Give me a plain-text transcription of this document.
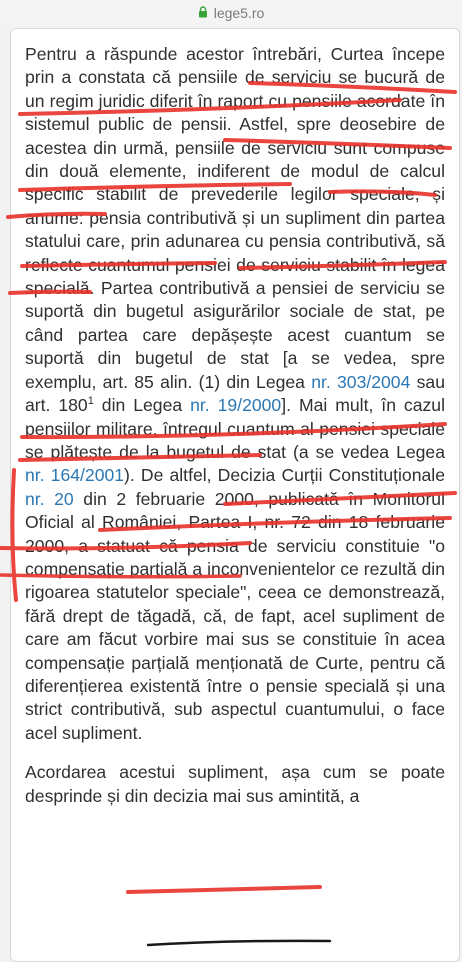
lege5.ro

Pentru a răspunde acestor întrebări, Curtea începe prin a constata că pensiile de serviciu se bucură de un regim juridic diferit în raport cu pensiile acordate în sistemul public de pensii. Astfel, spre deosebire de acestea din urmă, pensiile de serviciu sunt compuse din două elemente, indiferent de modul de calcul specific stabilit de prevederile legilor speciale, și anume: pensia contributivă și un supliment din partea statului care, prin adunarea cu pensia contributivă, să reflecte cuantumul pensiei de serviciu stabilit în legea specială. Partea contributivă a pensiei de serviciu se suportă din bugetul asigurărilor sociale de stat, pe când partea care depășește acest cuantum se suportă din bugetul de stat [a se vedea, spre exemplu, art. 85 alin. (1) din Legea nr. 303/2004 sau art. $180^1$ din Legea nr. 19/2000]. Mai mult, în cazul pensiilor militare, întregul cuantum al pensiei speciale se plătește de la bugetul de stat (a se vedea Legea nr. 164/2001). De altfel, Decizia Curții Constituționale nr. 20 din 2 februarie 2000, publicată în Monitorul Oficial al României, Partea I, nr. 72 din 18 februarie 2000, a statuat că pensia de serviciu constituie "o compensație parțială a inconvenientelor ce rezultă din rigoarea statutelor speciale", ceea ce demonstrează, fără drept de tăgadă, că, de fapt, acel supliment de care am făcut vorbire mai sus se constituie în acea compensație parțială menționată de Curte, pentru că diferențierea existentă între o pensie specială și una strict contributivă, sub aspectul cuantumului, o face acel supliment.

Acordarea acestui supliment, așa cum se poate desprinde și din decizia mai sus amintită, a
